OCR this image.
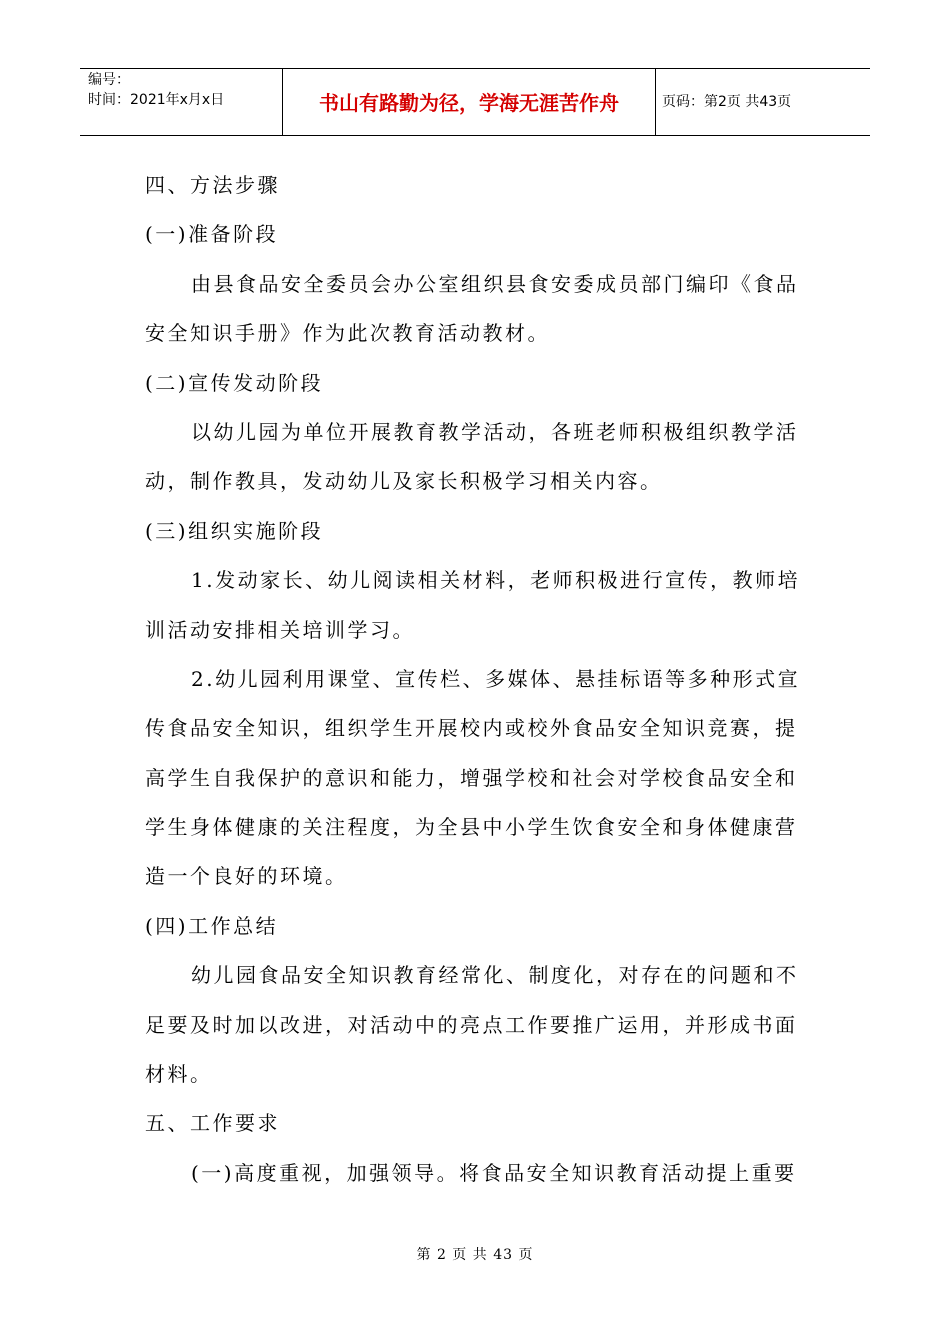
编号：
时间：2021年x月x日	书山有路勤为径，学海无涯苦作舟	页码：第2页 共43页
四、方法步骤
(一)准备阶段
由县食品安全委员会办公室组织县食安委成员部门编印《食品
安全知识手册》作为此次教育活动教材。
(二)宣传发动阶段
以幼儿园为单位开展教育教学活动，各班老师积极组织教学活
动，制作教具，发动幼儿及家长积极学习相关内容。
(三)组织实施阶段
1.发动家长、幼儿阅读相关材料，老师积极进行宣传，教师培
训活动安排相关培训学习。
2.幼儿园利用课堂、宣传栏、多媒体、悬挂标语等多种形式宣
传食品安全知识，组织学生开展校内或校外食品安全知识竞赛，提
高学生自我保护的意识和能力，增强学校和社会对学校食品安全和
学生身体健康的关注程度，为全县中小学生饮食安全和身体健康营
造一个良好的环境。
(四)工作总结
幼儿园食品安全知识教育经常化、制度化，对存在的问题和不
足要及时加以改进，对活动中的亮点工作要推广运用，并形成书面
材料。
五、工作要求
(一)高度重视，加强领导。将食品安全知识教育活动提上重要
第 2 页 共 43 页
